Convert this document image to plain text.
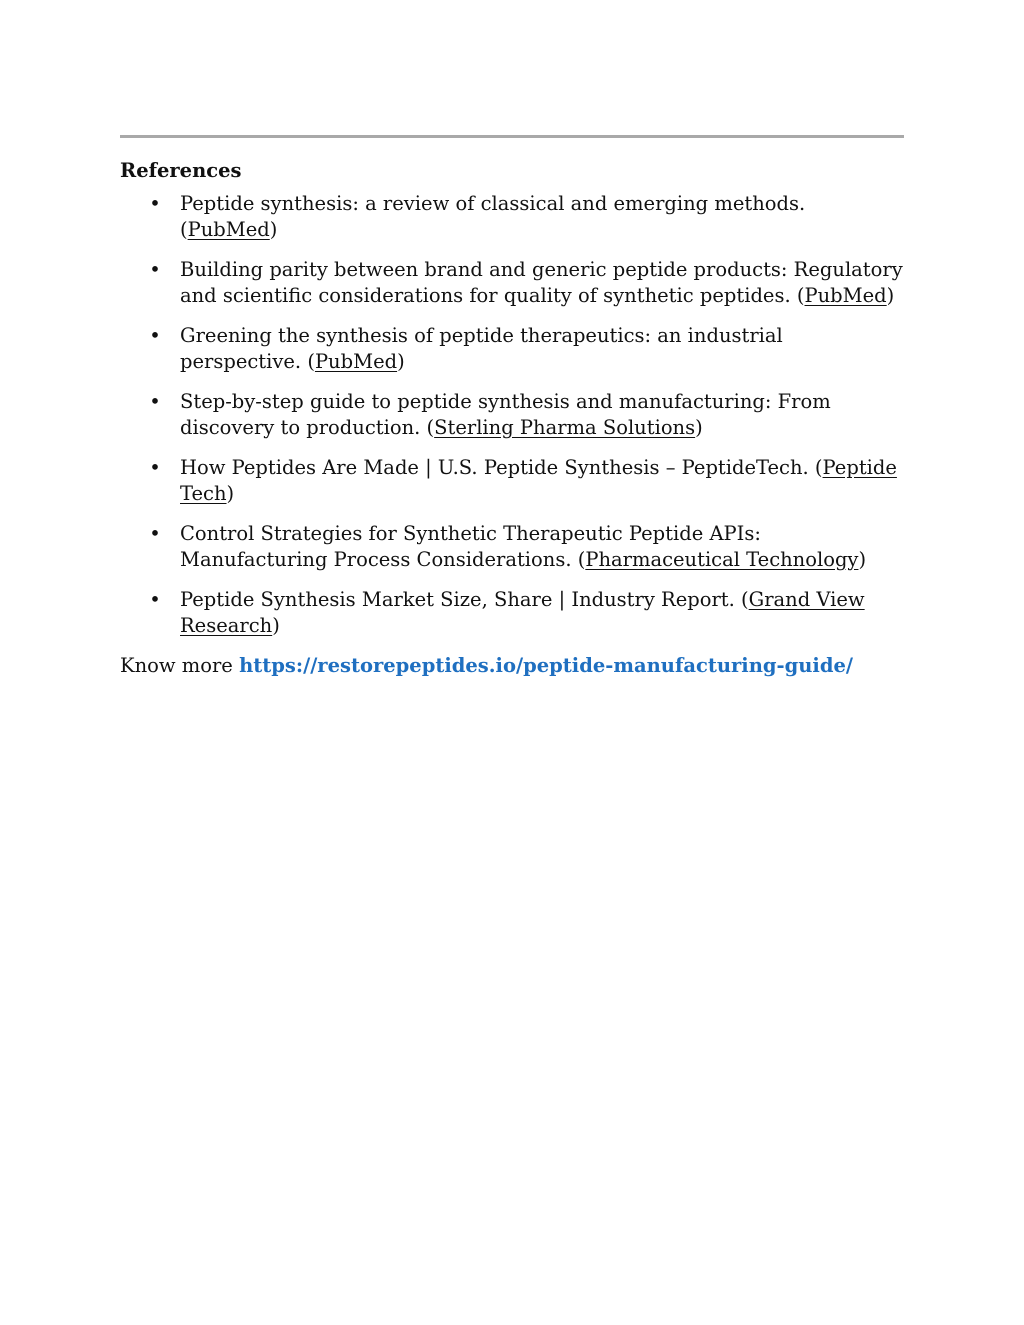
References
• Peptide synthesis: a review of classical and emerging methods. (PubMed)
• Building parity between brand and generic peptide products: Regulatory and scientific considerations for quality of synthetic peptides. (PubMed)
• Greening the synthesis of peptide therapeutics: an industrial perspective. (PubMed)
• Step-by-step guide to peptide synthesis and manufacturing: From discovery to production. (Sterling Pharma Solutions)
• How Peptides Are Made | U.S. Peptide Synthesis – PeptideTech. (Peptide Tech)
• Control Strategies for Synthetic Therapeutic Peptide APIs: Manufacturing Process Considerations. (Pharmaceutical Technology)
• Peptide Synthesis Market Size, Share | Industry Report. (Grand View Research)
Know more https://restorepeptides.io/peptide-manufacturing-guide/
